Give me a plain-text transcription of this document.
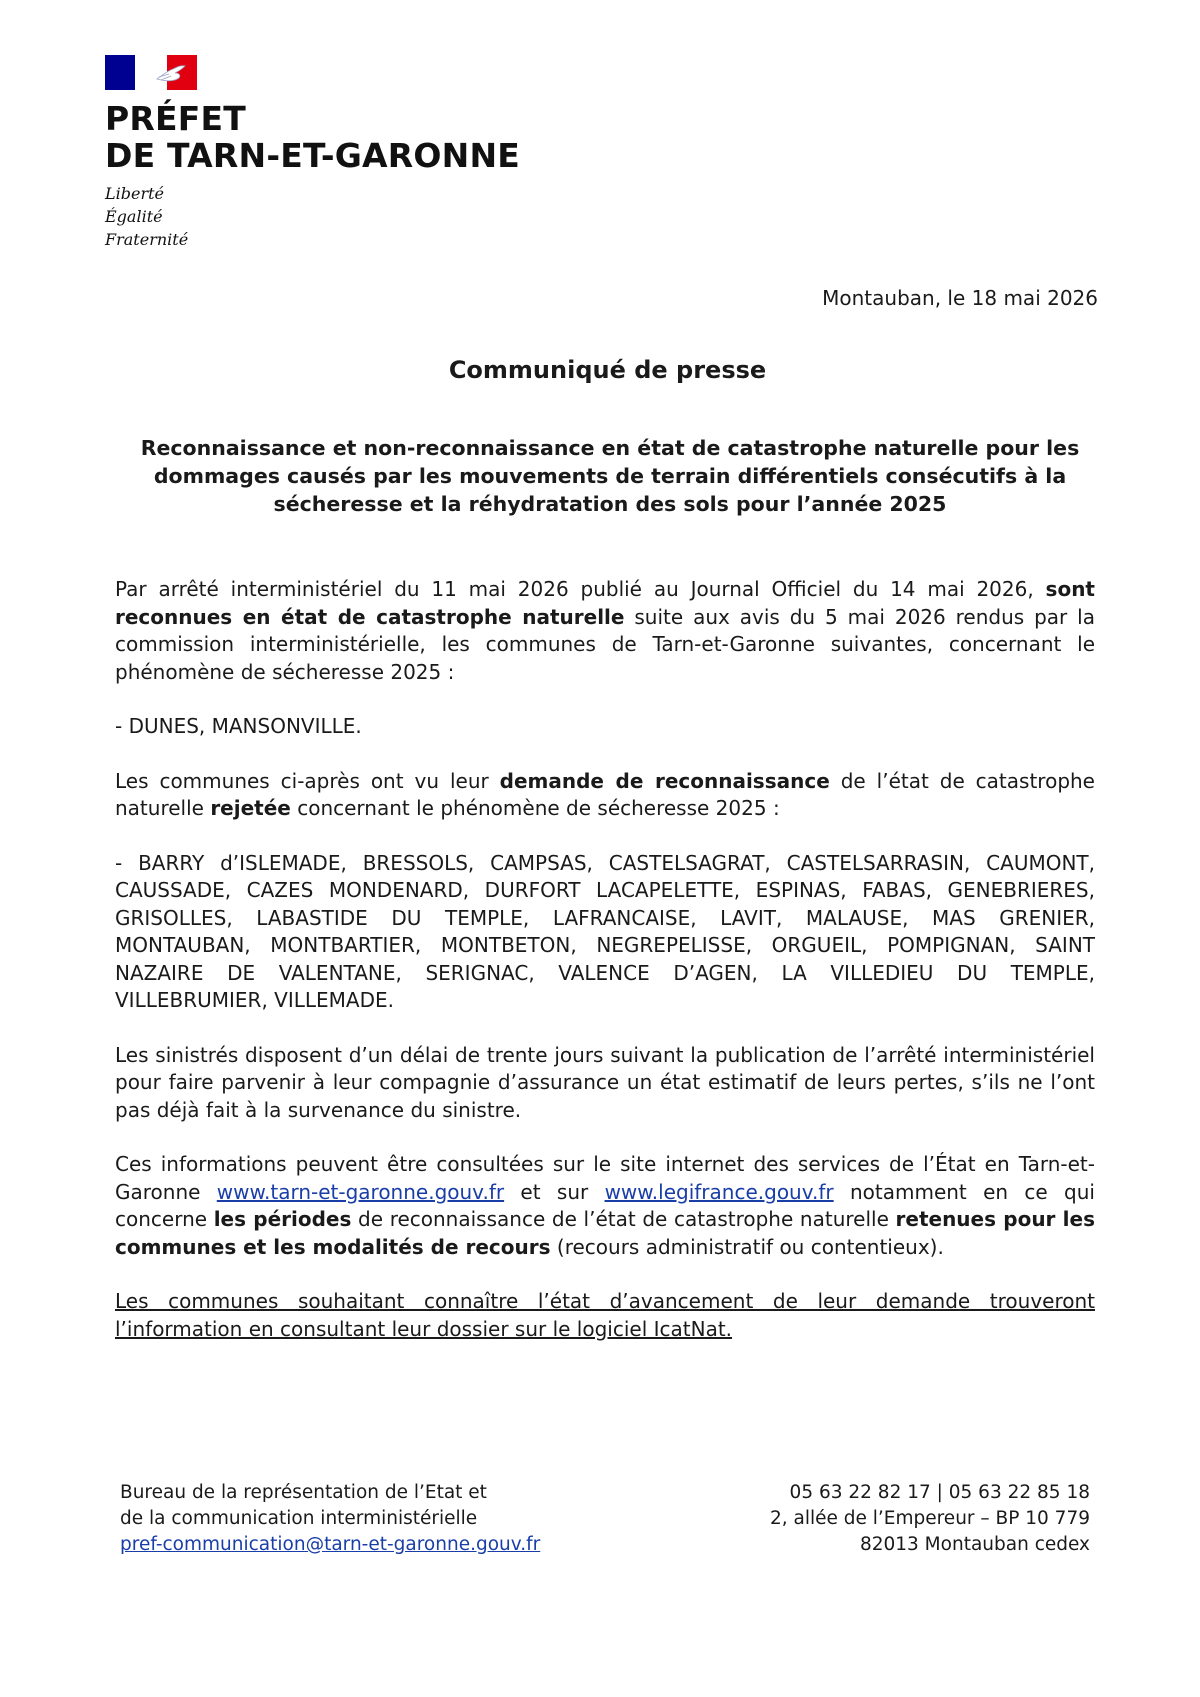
PRÉFET
DE TARN-ET-GARONNE
Liberté
Égalité
Fraternité
Montauban, le 18 mai 2026
Communiqué de presse
Reconnaissance et non-reconnaissance en état de catastrophe naturelle pour les
dommages causés par les mouvements de terrain différentiels consécutifs à la
sécheresse et la réhydratation des sols pour l’année 2025

Par arrêté interministériel du 11 mai 2026 publié au Journal Officiel du 14 mai 2026, sont reconnues en état de catastrophe naturelle suite aux avis du 5 mai 2026 rendus par la commission interministérielle, les communes de Tarn-et-Garonne suivantes, concernant le phénomène de sécheresse 2025 :

- DUNES, MANSONVILLE.

Les communes ci-après ont vu leur demande de reconnaissance de l’état de catastrophe naturelle rejetée concernant le phénomène de sécheresse 2025 :

- BARRY d’ISLEMADE, BRESSOLS, CAMPSAS, CASTELSAGRAT, CASTELSARRASIN, CAUMONT, CAUSSADE, CAZES MONDENARD, DURFORT LACAPELETTE, ESPINAS, FABAS, GENEBRIERES, GRISOLLES, LABASTIDE DU TEMPLE, LAFRANCAISE, LAVIT, MALAUSE, MAS GRENIER, MONTAUBAN, MONTBARTIER, MONTBETON, NEGREPELISSE, ORGUEIL, POMPIGNAN, SAINT NAZAIRE DE VALENTANE, SERIGNAC, VALENCE D’AGEN, LA VILLEDIEU DU TEMPLE, VILLEBRUMIER, VILLEMADE.

Les sinistrés disposent d’un délai de trente jours suivant la publication de l’arrêté interministériel pour faire parvenir à leur compagnie d’assurance un état estimatif de leurs pertes, s’ils ne l’ont pas déjà fait à la survenance du sinistre.

Ces informations peuvent être consultées sur le site internet des services de l’État en Tarn-et-Garonne www.tarn-et-garonne.gouv.fr et sur www.legifrance.gouv.fr notamment en ce qui concerne les périodes de reconnaissance de l’état de catastrophe naturelle retenues pour les communes et les modalités de recours (recours administratif ou contentieux).

Les communes souhaitant connaître l’état d’avancement de leur demande trouveront l’information en consultant leur dossier sur le logiciel IcatNat.

Bureau de la représentation de l’Etat et
de la communication interministérielle
pref-communication@tarn-et-garonne.gouv.fr
05 63 22 82 17 | 05 63 22 85 18
2, allée de l’Empereur – BP 10 779
82013 Montauban cedex
